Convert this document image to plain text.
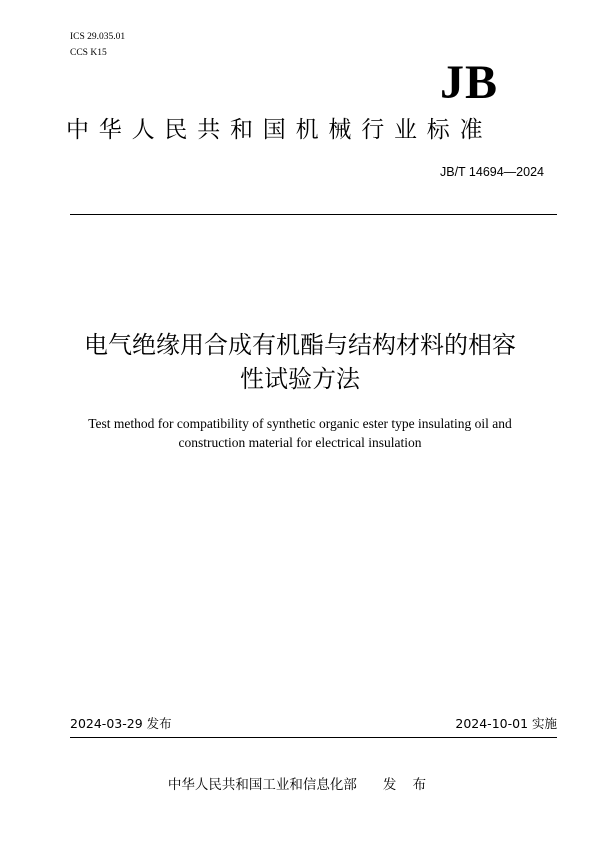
ICS 29.035.01
CCS K15
JB
中华人民共和国机械行业标准
JB/T 14694—2024
电气绝缘用合成有机酯与结构材料的相容
性试验方法
Test method for compatibility of synthetic organic ester type insulating oil and
construction material for electrical insulation
2024-03-29 发布	2024-10-01 实施
中华人民共和国工业和信息化部 发 布
